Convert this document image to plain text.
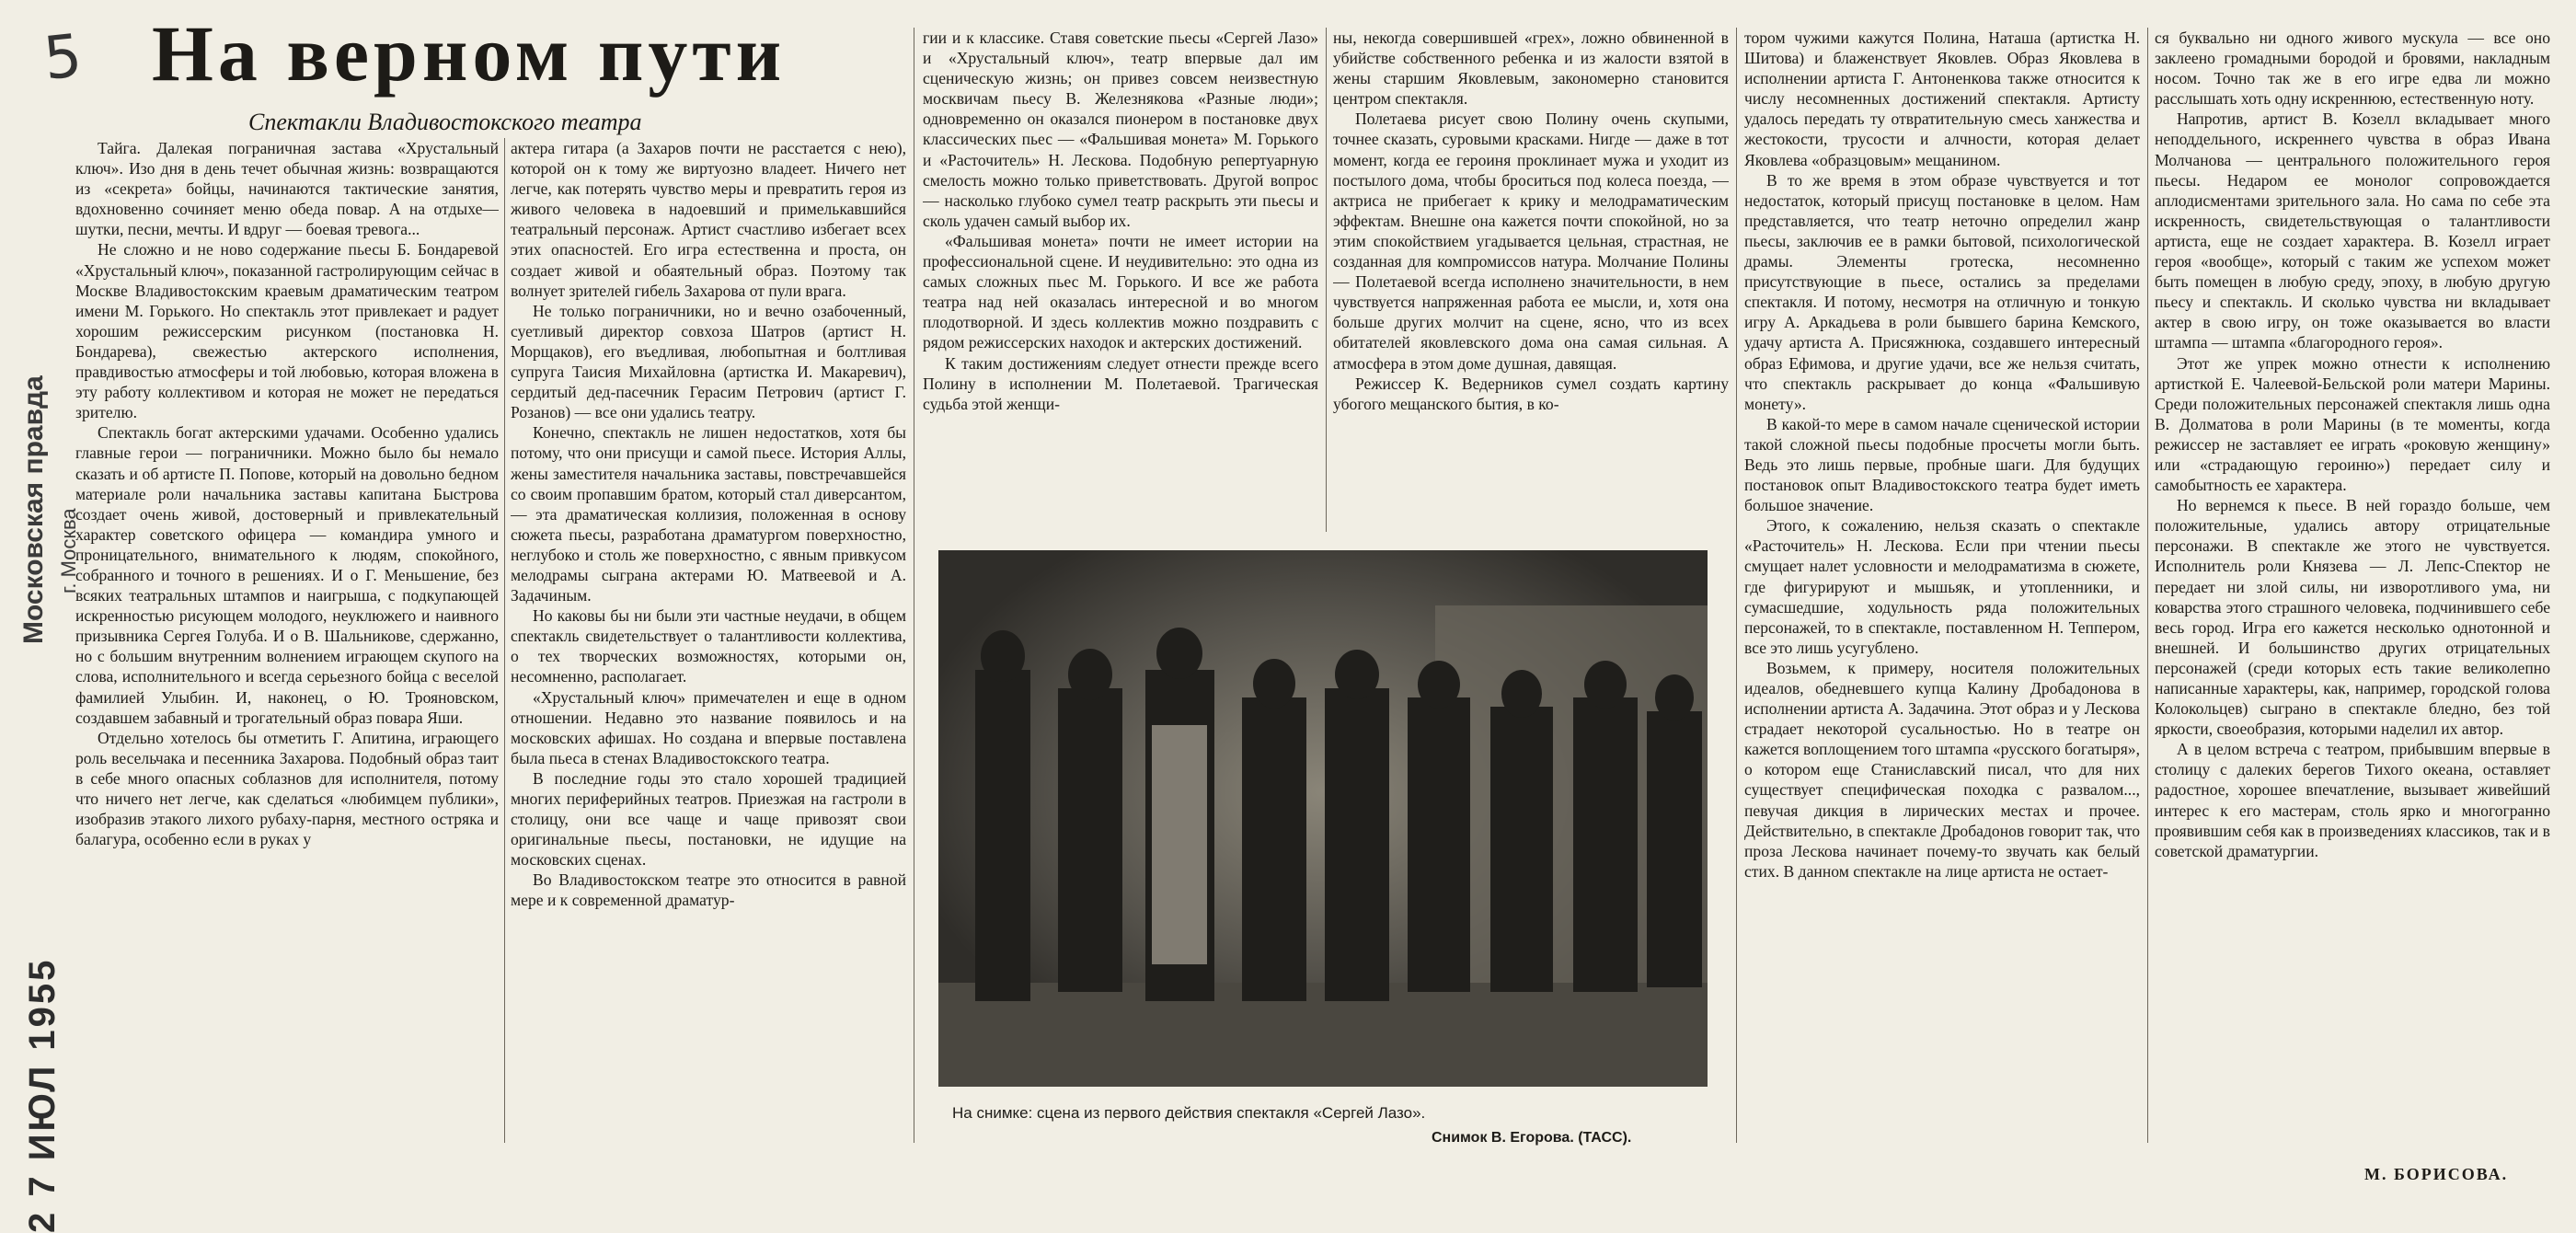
5
Московская правда г. Москва
2 7 ИЮЛ 1955
На верном пути
Спектакли Владивостокского театра

Тайга. Далекая пограничная застава «Хрустальный ключ». Изо дня в день течет обычная жизнь: возвращаются из «секрета» бойцы, начинаются тактические занятия, вдохновенно сочиняет меню обеда повар. А на отдыхе—шутки, песни, мечты. И вдруг — боевая тревога...

Не сложно и не ново содержание пьесы Б. Бондаревой «Хрустальный ключ», показанной гастролирующим сейчас в Москве Владивостокским краевым драматическим театром имени М. Горького. Но спектакль этот привлекает и радует хорошим режиссерским рисунком (постановка Н. Бондарева), свежестью актерского исполнения, правдивостью атмосферы и той любовью, которая вложена в эту работу коллективом и которая не может не передаться зрителю.

Спектакль богат актерскими удачами. Особенно удались главные герои — пограничники. Можно было бы немало сказать и об артисте П. Попове, который на довольно бедном материале роли начальника заставы капитана Быстрова создает очень живой, достоверный и привлекательный характер советского офицера — командира умного и проницательного, внимательного к людям, спокойного, собранного и точного в решениях. И о Г. Меньшение, без всяких театральных штампов и наигрыша, с подкупающей искренностью рисующем молодого, неуклюжего и наивного призывника Сергея Голуба. И о В. Шальникове, сдержанно, но с большим внутренним волнением играющем скупого на слова, исполнительного и всегда серьезного бойца с веселой фамилией Улыбин. И, наконец, о Ю. Трояновском, создавшем забавный и трогательный образ повара Яши.

Отдельно хотелось бы отметить Г. Апитина, играющего роль весельчака и песенника Захарова. Подобный образ таит в себе много опасных соблазнов для исполнителя, потому что ничего нет легче, как сделаться «любимцем публики», изобразив этакого лихого рубаху-парня, местного остряка и балагура, особенно если в руках у

актера гитара (а Захаров почти не расстается с нею), которой он к тому же виртуозно владеет. Ничего нет легче, как потерять чувство меры и превратить героя из живого человека в надоевший и примелькавшийся театральный персонаж. Артист счастливо избегает всех этих опасностей. Его игра естественна и проста, он создает живой и обаятельный образ. Поэтому так волнует зрителей гибель Захарова от пули врага.

Не только пограничники, но и вечно озабоченный, суетливый директор совхоза Шатров (артист Н. Морщаков), его въедливая, любопытная и болтливая супруга Таисия Михайловна (артистка И. Макаревич), сердитый дед-пасечник Герасим Петрович (артист Г. Розанов) — все они удались театру.

Конечно, спектакль не лишен недостатков, хотя бы потому, что они присущи и самой пьесе. История Аллы, жены заместителя начальника заставы, повстречавшейся со своим пропавшим братом, который стал диверсантом, — эта драматическая коллизия, положенная в основу сюжета пьесы, разработана драматургом поверхностно, неглубоко и столь же поверхностно, с явным привкусом мелодрамы сыграна актерами Ю. Матвеевой и А. Задачиным.

Но каковы бы ни были эти частные неудачи, в общем спектакль свидетельствует о талантливости коллектива, о тех творческих возможностях, которыми он, несомненно, располагает.

«Хрустальный ключ» примечателен и еще в одном отношении. Недавно это название появилось и на московских афишах. Но создана и впервые поставлена была пьеса в стенах Владивостокского театра.

В последние годы это стало хорошей традицией многих периферийных театров. Приезжая на гастроли в столицу, они все чаще и чаще привозят свои оригинальные пьесы, постановки, не идущие на московских сценах.

Во Владивостокском театре это относится в равной мере и к современной драматур-

гии и к классике. Ставя советские пьесы «Сергей Лазо» и «Хрустальный ключ», театр впервые дал им сценическую жизнь; он привез совсем неизвестную москвичам пьесу В. Железнякова «Разные люди»; одновременно он оказался пионером в постановке двух классических пьес — «Фальшивая монета» М. Горького и «Расточитель» Н. Лескова. Подобную репертуарную смелость можно только приветствовать. Другой вопрос — насколько глубоко сумел театр раскрыть эти пьесы и сколь удачен самый выбор их.

«Фальшивая монета» почти не имеет истории на профессиональной сцене. И неудивительно: это одна из самых сложных пьес М. Горького. И все же работа театра над ней оказалась интересной и во многом плодотворной. И здесь коллектив можно поздравить с рядом режиссерских находок и актерских достижений.

К таким достижениям следует отнести прежде всего Полину в исполнении М. Полетаевой. Трагическая судьба этой женщи-

ны, некогда совершившей «грех», ложно обвиненной в убийстве собственного ребенка и из жалости взятой в жены старшим Яковлевым, закономерно становится центром спектакля.

Полетаева рисует свою Полину очень скупыми, точнее сказать, суровыми красками. Нигде — даже в тот момент, когда ее героиня проклинает мужа и уходит из постылого дома, чтобы броситься под колеса поезда, — актриса не прибегает к крику и мелодраматическим эффектам. Внешне она кажется почти спокойной, но за этим спокойствием угадывается цельная, страстная, не созданная для компромиссов натура. Молчание Полины — Полетаевой всегда исполнено значительности, в нем чувствуется напряженная работа ее мысли, и, хотя она больше других молчит на сцене, ясно, что из всех обитателей яковлевского дома она самая сильная. А атмосфера в этом доме душная, давящая.

Режиссер К. Ведерников сумел создать картину убогого мещанского бытия, в ко-

тором чужими кажутся Полина, Наташа (артистка Н. Шитова) и блаженствует Яковлев. Образ Яковлева в исполнении артиста Г. Антоненкова также относится к числу несомненных достижений спектакля. Артисту удалось передать ту отвратительную смесь ханжества и жестокости, трусости и алчности, которая делает Яковлева «образцовым» мещанином.

В то же время в этом образе чувствуется и тот недостаток, который присущ постановке в целом. Нам представляется, что театр неточно определил жанр пьесы, заключив ее в рамки бытовой, психологической драмы. Элементы гротеска, несомненно присутствующие в пьесе, остались за пределами спектакля. И потому, несмотря на отличную и тонкую игру А. Аркадьева в роли бывшего барина Кемского, удачу артиста А. Присяжнюка, создавшего интересный образ Ефимова, и другие удачи, все же нельзя считать, что спектакль раскрывает до конца «Фальшивую монету».

В какой-то мере в самом начале сценической истории такой сложной пьесы подобные просчеты могли быть. Ведь это лишь первые, пробные шаги. Для будущих постановок опыт Владивостокского театра будет иметь большое значение.

Этого, к сожалению, нельзя сказать о спектакле «Расточитель» Н. Лескова. Если при чтении пьесы смущает налет условности и мелодраматизма в сюжете, где фигурируют и мышьяк, и утопленники, и сумасшедшие, ходульность ряда положительных персонажей, то в спектакле, поставленном Н. Теппером, все это лишь усугублено.

Возьмем, к примеру, носителя положительных идеалов, обедневшего купца Калину Дробадонова в исполнении артиста А. Задачина. Этот образ и у Лескова страдает некоторой сусальностью. Но в театре он кажется воплощением того штампа «русского богатыря», о котором еще Станиславский писал, что для них существует специфическая походка с развалом..., певучая дикция в лирических местах и прочее. Действительно, в спектакле Дробадонов говорит так, что проза Лескова начинает почему-то звучать как белый стих. В данном спектакле на лице артиста не остает-

ся буквально ни одного живого мускула — все оно заклеено громадными бородой и бровями, накладным носом. Точно так же в его игре едва ли можно расслышать хоть одну искреннюю, естественную ноту.

Напротив, артист В. Козелл вкладывает много неподдельного, искреннего чувства в образ Ивана Молчанова — центрального положительного героя пьесы. Недаром ее монолог сопровождается аплодисментами зрительного зала. Но сама по себе эта искренность, свидетельствующая о талантливости артиста, еще не создает характера. В. Козелл играет героя «вообще», который с таким же успехом может быть помещен в любую среду, эпоху, в любую другую пьесу и спектакль. И сколько чувства ни вкладывает актер в свою игру, он тоже оказывается во власти штампа — штампа «благородного героя».

Этот же упрек можно отнести к исполнению артисткой Е. Чалеевой-Бельской роли матери Марины. Среди положительных персонажей спектакля лишь одна В. Долматова в роли Марины (в те моменты, когда режиссер не заставляет ее играть «роковую женщину» или «страдающую героиню») передает силу и самобытность ее характера.

Но вернемся к пьесе. В ней гораздо больше, чем положительные, удались автору отрицательные персонажи. В спектакле же этого не чувствуется. Исполнитель роли Князева — Л. Лепс-Спектор не передает ни злой силы, ни изворотливого ума, ни коварства этого страшного человека, подчинившего себе весь город. Игра его кажется несколько однотонной и внешней. И большинство других отрицательных персонажей (среди которых есть такие великолепно написанные характеры, как, например, городской голова Колокольцев) сыграно в спектакле бледно, без той яркости, своеобразия, которыми наделил их автор.

А в целом встреча с театром, прибывшим впервые в столицу с далеких берегов Тихого океана, оставляет радостное, хорошее впечатление, вызывает живейший интерес к его мастерам, столь ярко и многогранно проявившим себя как в произведениях классиков, так и в советской драматургии.

На снимке: сцена из первого действия спектакля «Сергей Лазо».
Снимок В. Егорова. (ТАСС).
М. БОРИСОВА.
